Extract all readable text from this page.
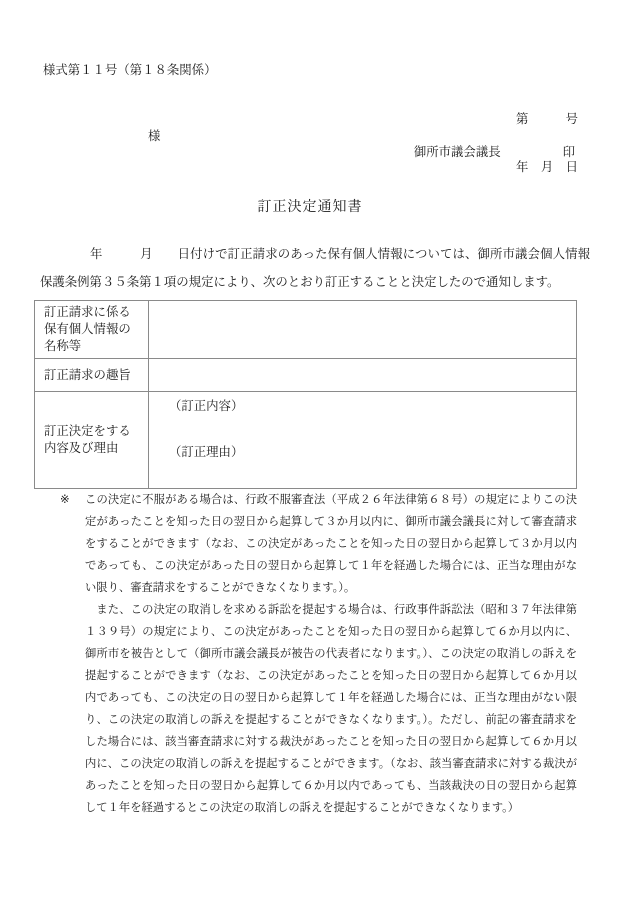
様式第１１号（第１８条関係）

第　　　号

年　月　日

様
御所市議会議長	印
訂正決定通知書

　　　　年　　　月　　日付けで訂正請求のあった保有個人情報については、御所市議会個人情報保護条例第３５条第１項の規定により、次のとおり訂正することと決定したので通知します。

訂正請求に係る保有個人情報の名称等	
訂正請求の趣旨	
訂正決定をする内容及び理由	（訂正内容）
（訂正理由）
※ この決定に不服がある場合は、行政不服審査法（平成２６年法律第６８号）の規定によりこの決定があったことを知った日の翌日から起算して３か月以内に、御所市議会議長に対して審査請求をすることができます（なお、この決定があったことを知った日の翌日から起算して３か月以内であっても、この決定があった日の翌日から起算して１年を経過した場合には、正当な理由がない限り、審査請求をすることができなくなります。）。

また、この決定の取消しを求める訴訟を提起する場合は、行政事件訴訟法（昭和３７年法律第１３９号）の規定により、この決定があったことを知った日の翌日から起算して６か月以内に、御所市を被告として（御所市議会議長が被告の代表者になります。）、この決定の取消しの訴えを提起することができます（なお、この決定があったことを知った日の翌日から起算して６か月以内であっても、この決定の日の翌日から起算して１年を経過した場合には、正当な理由がない限り、この決定の取消しの訴えを提起することができなくなります。）。ただし、前記の審査請求をした場合には、該当審査請求に対する裁決があったことを知った日の翌日から起算して６か月以内に、この決定の取消しの訴えを提起することができます。（なお、該当審査請求に対する裁決があったことを知った日の翌日から起算して６か月以内であっても、当該裁決の日の翌日から起算して１年を経過するとこの決定の取消しの訴えを提起することができなくなります。）
